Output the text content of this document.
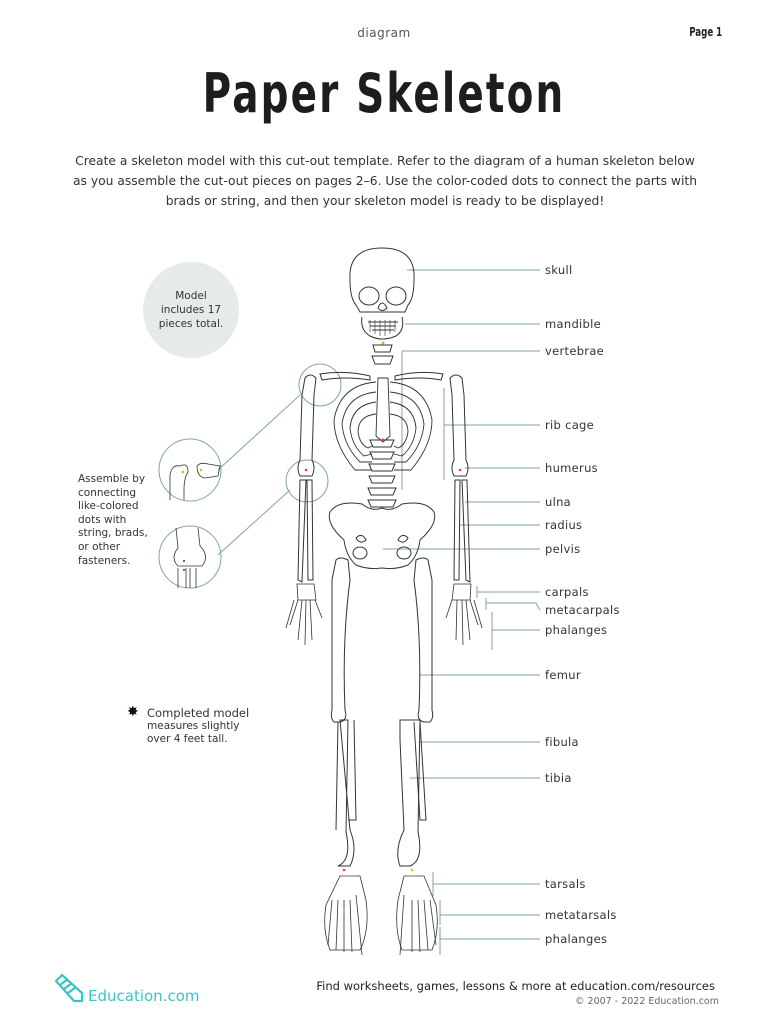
diagram	Page 1
Paper Skeleton

Create a skeleton model with this cut-out template. Refer to the diagram of a human skeleton below as you assemble the cut-out pieces on pages 2–6. Use the color-coded dots to connect the parts with brads or string, and then your skeleton model is ready to be displayed!

Model includes 17 pieces total.
Assemble by connecting like-colored dots with string, brads, or other fasteners.
✸ Completed model
measures slightly
over 4 feet tall.
skull
mandible
vertebrae
rib cage
humerus
ulna
radius
pelvis
carpals
metacarpals
phalanges
femur
fibula
tibia
tarsals
metatarsals
phalanges
Education.com
Find worksheets, games, lessons & more at education.com/resources
© 2007 - 2022 Education.com
